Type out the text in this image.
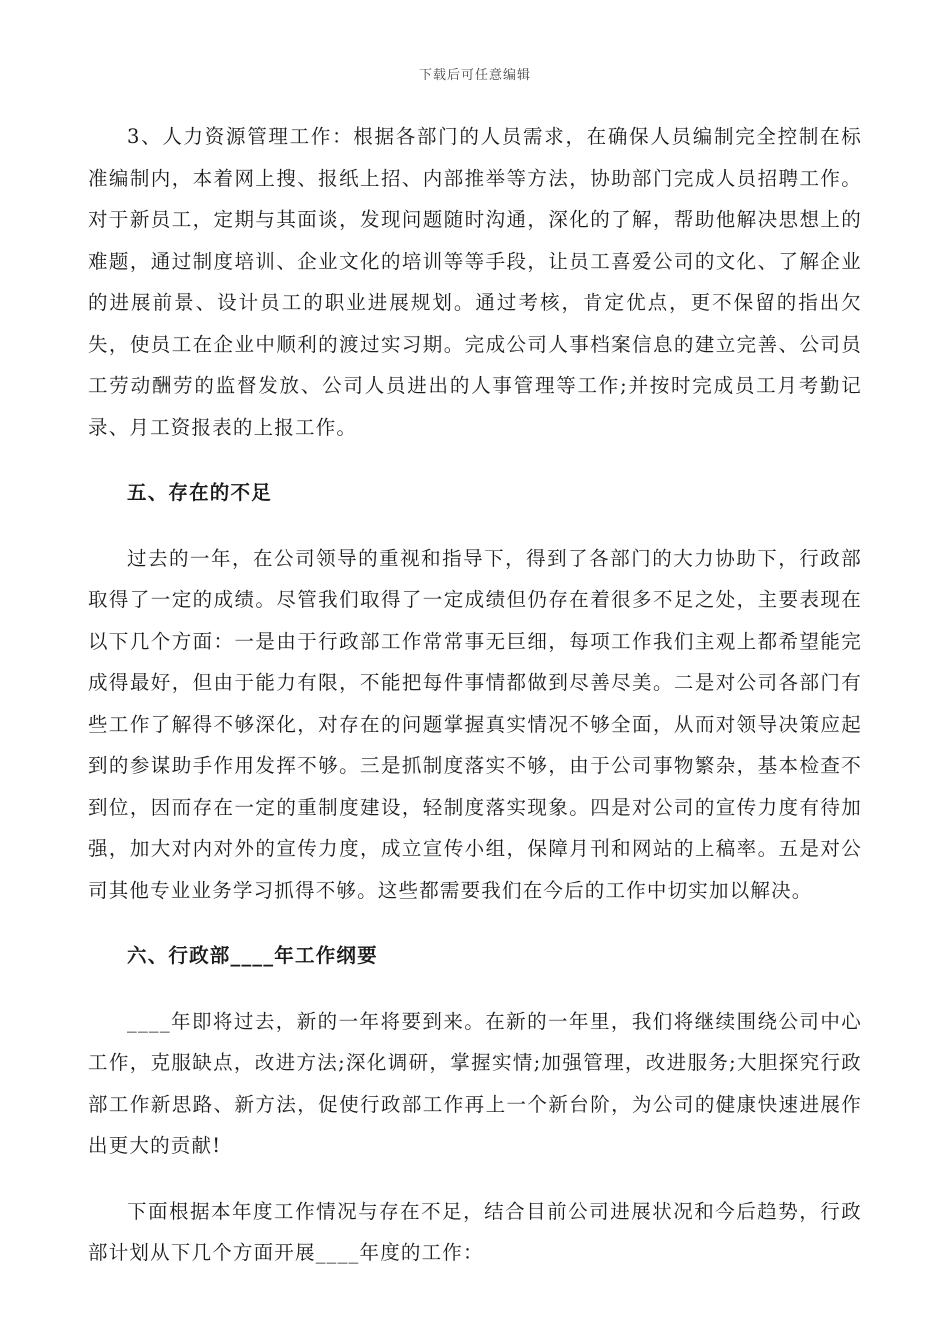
下载后可任意编辑

3、人力资源管理工作：根据各部门的人员需求，在确保人员编制完全控制在标准编制内，本着网上搜、报纸上招、内部推举等方法，协助部门完成人员招聘工作。对于新员工，定期与其面谈，发现问题随时沟通，深化的了解，帮助他解决思想上的难题，通过制度培训、企业文化的培训等等手段，让员工喜爱公司的文化、了解企业的进展前景、设计员工的职业进展规划。通过考核，肯定优点，更不保留的指出欠失，使员工在企业中顺利的渡过实习期。完成公司人事档案信息的建立完善、公司员工劳动酬劳的监督发放、公司人员进出的人事管理等工作;并按时完成员工月考勤记录、月工资报表的上报工作。

五、存在的不足

过去的一年，在公司领导的重视和指导下，得到了各部门的大力协助下，行政部取得了一定的成绩。尽管我们取得了一定成绩但仍存在着很多不足之处，主要表现在以下几个方面：一是由于行政部工作常常事无巨细，每项工作我们主观上都希望能完成得最好，但由于能力有限，不能把每件事情都做到尽善尽美。二是对公司各部门有些工作了解得不够深化，对存在的问题掌握真实情况不够全面，从而对领导决策应起到的参谋助手作用发挥不够。三是抓制度落实不够，由于公司事物繁杂，基本检查不到位，因而存在一定的重制度建设，轻制度落实现象。四是对公司的宣传力度有待加强，加大对内对外的宣传力度，成立宣传小组，保障月刊和网站的上稿率。五是对公司其他专业业务学习抓得不够。这些都需要我们在今后的工作中切实加以解决。

六、行政部____年工作纲要

____年即将过去，新的一年将要到来。在新的一年里，我们将继续围绕公司中心工作，克服缺点，改进方法;深化调研，掌握实情;加强管理，改进服务;大胆探究行政部工作新思路、新方法，促使行政部工作再上一个新台阶，为公司的健康快速进展作出更大的贡献!

下面根据本年度工作情况与存在不足，结合目前公司进展状况和今后趋势，行政部计划从下几个方面开展____年度的工作：
